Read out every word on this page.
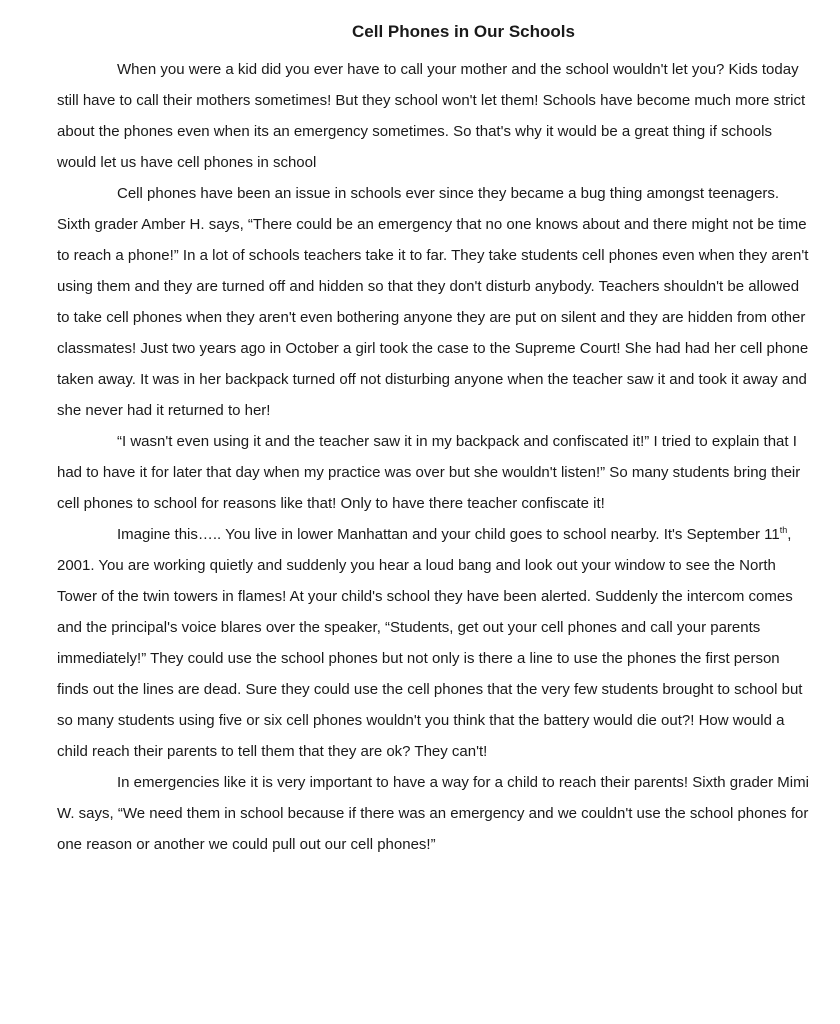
Cell Phones in Our Schools

When you were a kid did you ever have to call your mother and the school wouldn't let you? Kids today still have to call their mothers sometimes! But they school won't let them! Schools have become much more strict about the phones even when its an emergency sometimes. So that's why it would be a great thing if schools would let us have cell phones in school

Cell phones have been an issue in schools ever since they became a bug thing amongst teenagers. Sixth grader Amber H. says, “There could be an emergency that no one knows about and there might not be time to reach a phone!” In a lot of schools teachers take it to far. They take students cell phones even when they aren't using them and they are turned off and hidden so that they don't disturb anybody. Teachers shouldn't be allowed to take cell phones when they aren't even bothering anyone they are put on silent and they are hidden from other classmates! Just two years ago in October a girl took the case to the Supreme Court! She had had her cell phone taken away. It was in her backpack turned off not disturbing anyone when the teacher saw it and took it away and she never had it returned to her!

“I wasn't even using it and the teacher saw it in my backpack and confiscated it!” I tried to explain that I had to have it for later that day when my practice was over but she wouldn't listen!” So many students bring their cell phones to school for reasons like that! Only to have there teacher confiscate it!

Imagine this….. You live in lower Manhattan and your child goes to school nearby. It's September 11th, 2001. You are working quietly and suddenly you hear a loud bang and look out your window to see the North Tower of the twin towers in flames! At your child's school they have been alerted. Suddenly the intercom comes and the principal's voice blares over the speaker, “Students, get out your cell phones and call your parents immediately!” They could use the school phones but not only is there a line to use the phones the first person finds out the lines are dead. Sure they could use the cell phones that the very few students brought to school but so many students using five or six cell phones wouldn't you think that the battery would die out?! How would a child reach their parents to tell them that they are ok? They can't!

In emergencies like it is very important to have a way for a child to reach their parents! Sixth grader Mimi W. says, “We need them in school because if there was an emergency and we couldn't use the school phones for one reason or another we could pull out our cell phones!”
